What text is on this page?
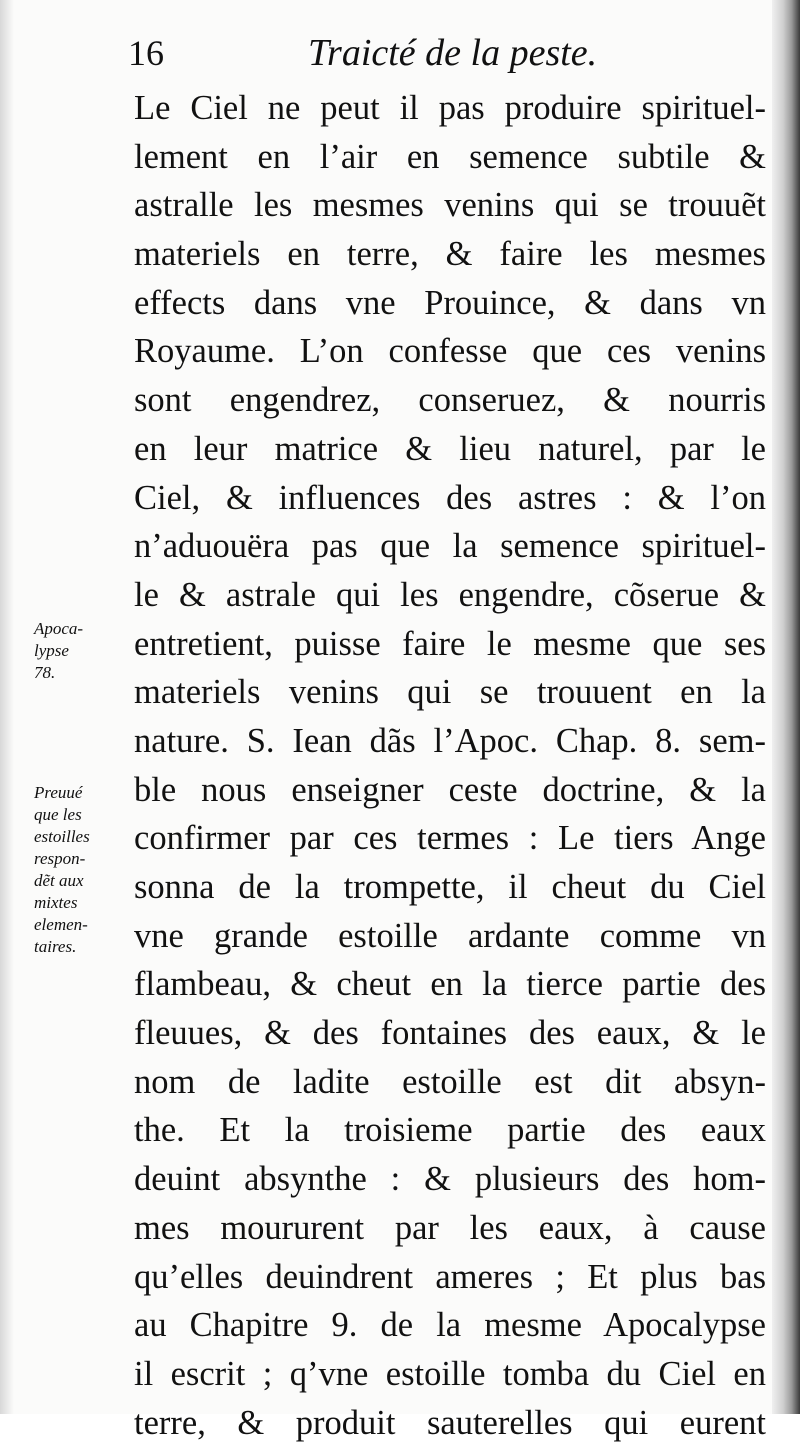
16	Traicté de la peste.
Apoca-
lypse
78.
Preuué
que les
estoilles
respon-
dẽt aux
mixtes
elemen-
taires.
Le Ciel ne peut il pas produire spirituel-
lement en l’air en semence subtile &
astralle les mesmes venins qui se trouuẽt
materiels en terre, & faire les mesmes
effects dans vne Prouince, & dans vn
Royaume. L’on confesse que ces venins
sont engendrez, conseruez, & nourris
en leur matrice & lieu naturel, par le
Ciel, & influences des astres : & l’on
n’aduouëra pas que la semence spirituel-
le & astrale qui les engendre, cõserue &
entretient, puisse faire le mesme que ses
materiels venins qui se trouuent en la
nature. S. Iean dãs l’Apoc. Chap. 8. sem-
ble nous enseigner ceste doctrine, & la
confirmer par ces termes : Le tiers Ange
sonna de la trompette, il cheut du Ciel
vne grande estoille ardante comme vn
flambeau, & cheut en la tierce partie des
fleuues, & des fontaines des eaux, & le
nom de ladite estoille est dit absyn-
the. Et la troisieme partie des eaux
deuint absynthe : & plusieurs des hom-
mes moururent par les eaux, à cause
qu’elles deuindrent ameres ; Et plus bas
au Chapitre 9. de la mesme Apocalypse
il escrit ; q’vne estoille tomba du Ciel en
terre, & produit sauterelles qui eurent
